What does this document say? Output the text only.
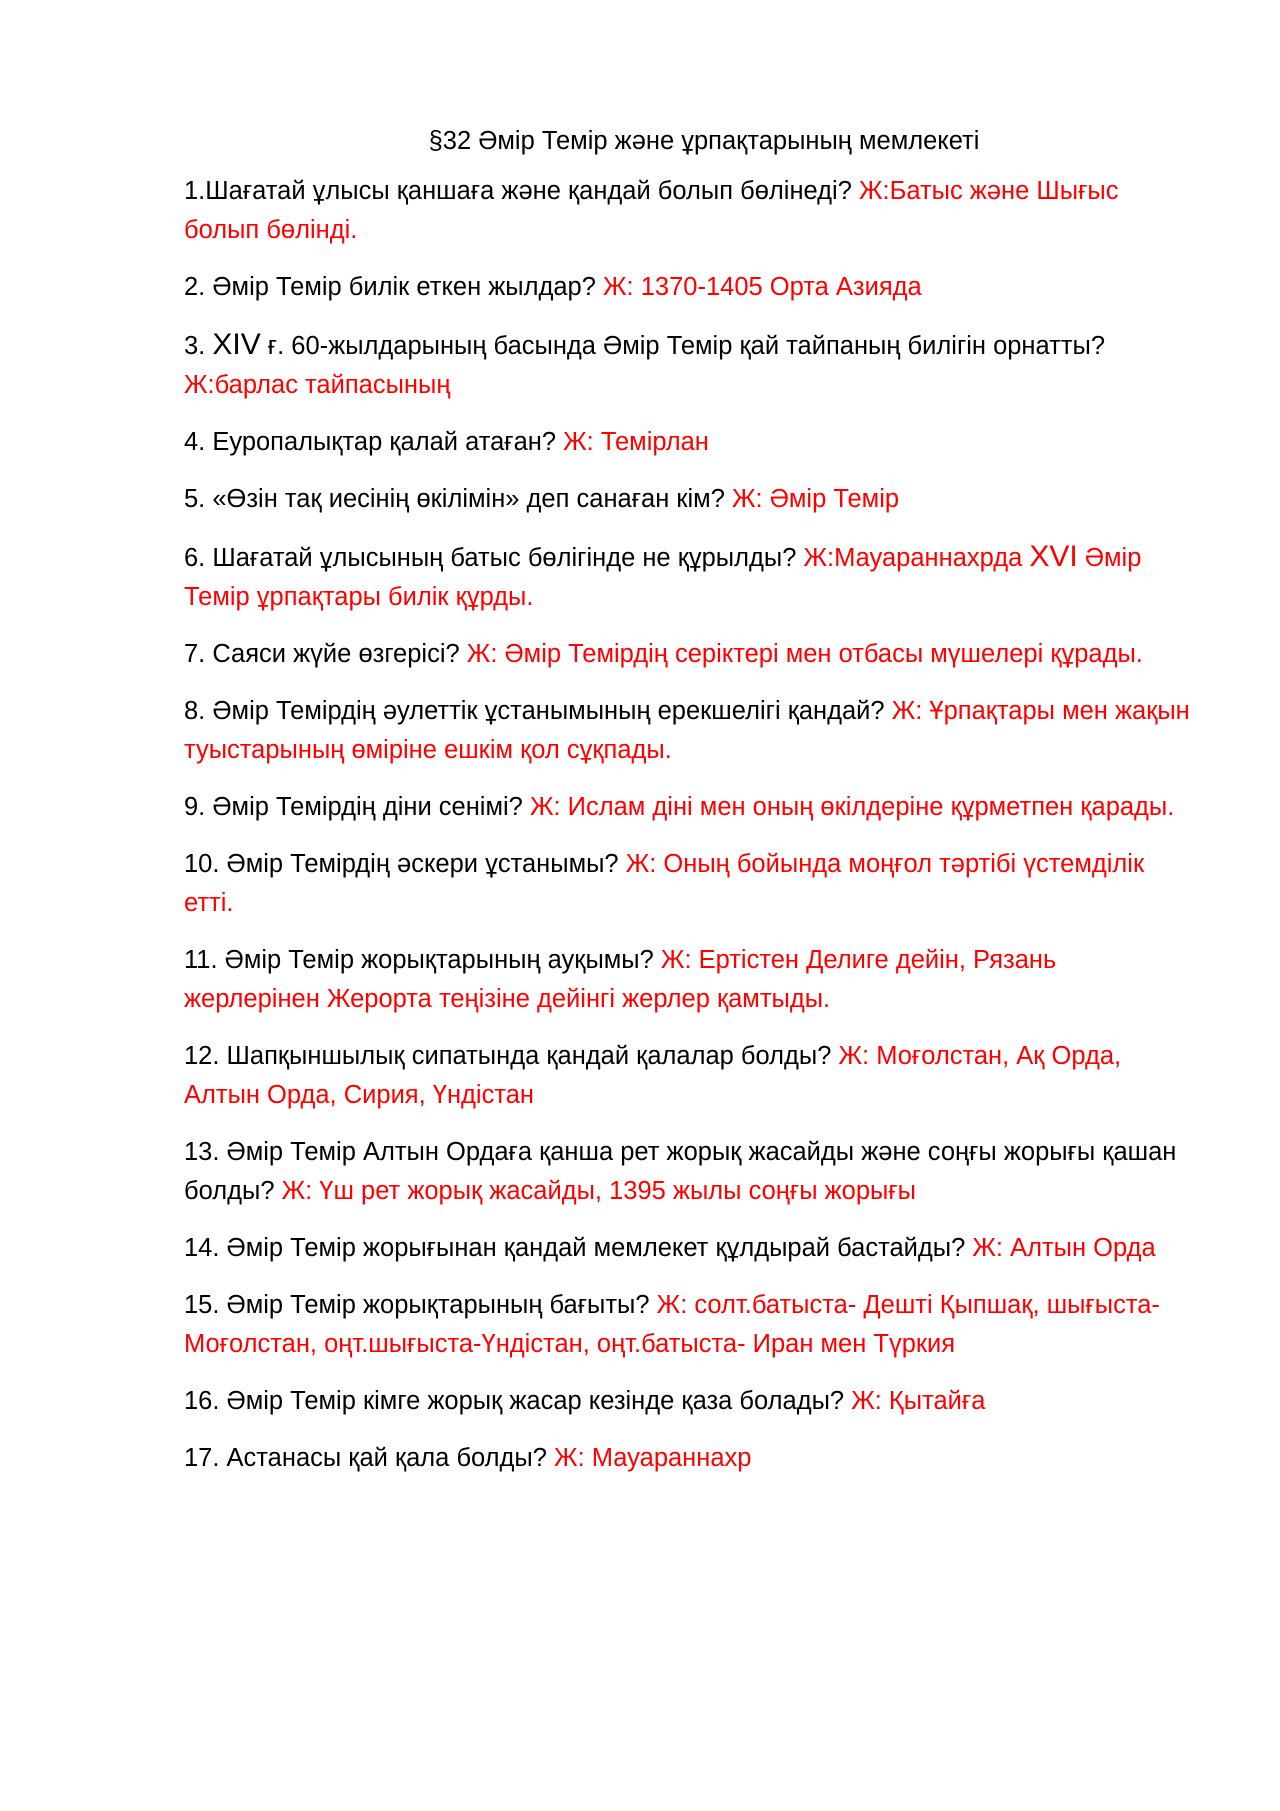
§32 Әмір Темір және ұрпақтарының мемлекеті

1.Шағатай ұлысы қаншаға және қандай болып бөлінеді? Ж:Батыс және Шығыс болып бөлінді.

2. Әмір Темір билік еткен жылдар? Ж: 1370-1405 Орта Азияда

3. XIV ғ. 60-жылдарының басында Әмір Темір қай тайпаның билігін орнатты? Ж:барлас тайпасының

4. Еуропалықтар қалай атаған? Ж: Темірлан

5. «Өзін тақ иесінің өкілімін» деп санаған кім? Ж: Әмір Темір

6. Шағатай ұлысының батыс бөлігінде не құрылды? Ж:Мауараннахрда XVI Әмір Темір ұрпақтары билік құрды.

7. Саяси жүйе өзгерісі? Ж: Әмір Темірдің серіктері мен отбасы мүшелері құрады.

8. Әмір Темірдің әулеттік ұстанымының ерекшелігі қандай? Ж: Ұрпақтары мен жақын туыстарының өміріне ешкім қол сұқпады.

9. Әмір Темірдің діни сенімі? Ж: Ислам діні мен оның өкілдеріне құрметпен қарады.

10. Әмір Темірдің әскери ұстанымы? Ж: Оның бойында моңғол тәртібі үстемділік етті.

11. Әмір Темір жорықтарының ауқымы? Ж: Ертістен Делиге дейін, Рязань жерлерінен Жерорта теңізіне дейінгі жерлер қамтыды.

12. Шапқыншылық сипатында қандай қалалар болды? Ж: Моғолстан, Ақ Орда, Алтын Орда, Сирия, Үндістан

13. Әмір Темір Алтын Ордаға қанша рет жорық жасайды және соңғы жорығы қашан болды? Ж: Үш рет жорық жасайды, 1395 жылы соңғы жорығы

14. Әмір Темір жорығынан қандай мемлекет құлдырай бастайды? Ж: Алтын Орда

15. Әмір Темір жорықтарының бағыты? Ж: солт.батыста- Дешті Қыпшақ, шығыста-Моғолстан, оңт.шығыста-Үндістан, оңт.батыста- Иран мен Түркия

16. Әмір Темір кімге жорық жасар кезінде қаза болады? Ж: Қытайға

17. Астанасы қай қала болды? Ж: Мауараннахр
